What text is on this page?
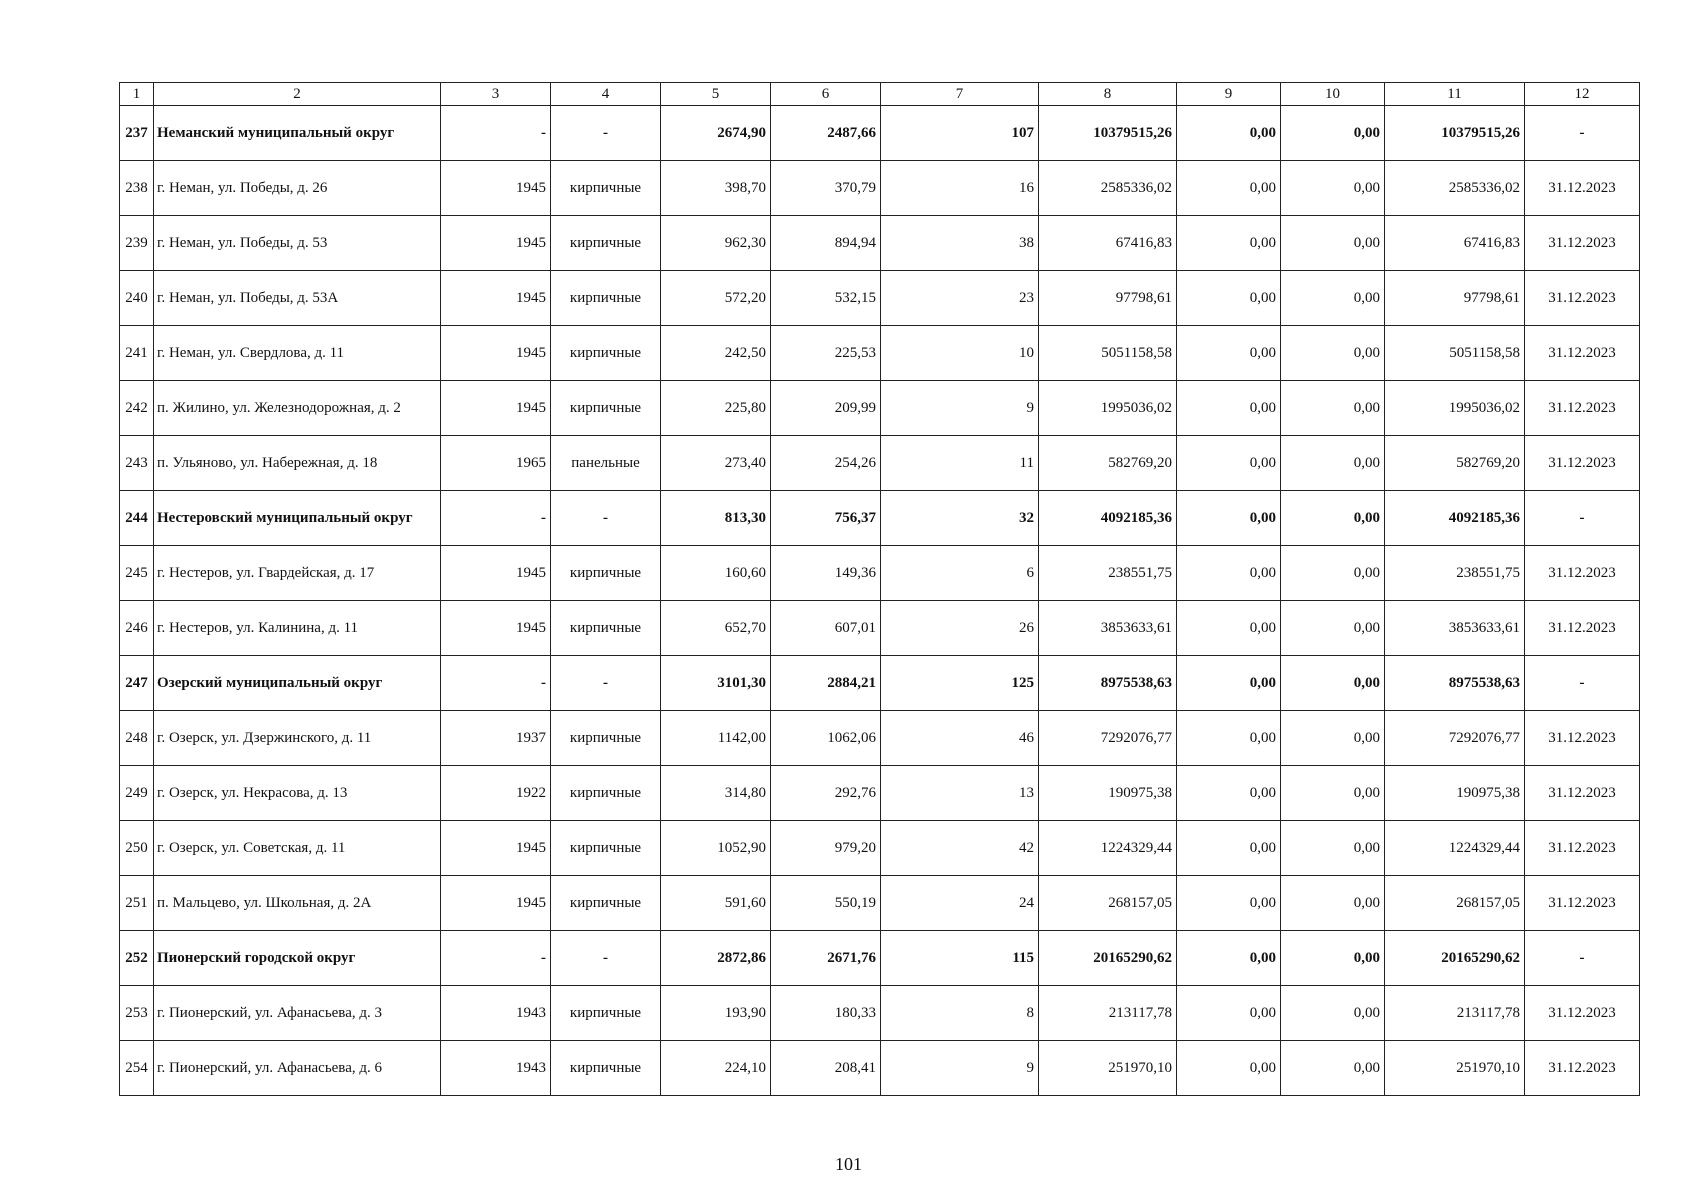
1	2	3	4	5	6	7	8	9	10	11	12
237	Неманский муниципальный округ	-	-	2674,90	2487,66	107	10379515,26	0,00	0,00	10379515,26	-
238	г. Неман, ул. Победы, д. 26	1945	кирпичные	398,70	370,79	16	2585336,02	0,00	0,00	2585336,02	31.12.2023
239	г. Неман, ул. Победы, д. 53	1945	кирпичные	962,30	894,94	38	67416,83	0,00	0,00	67416,83	31.12.2023
240	г. Неман, ул. Победы, д. 53А	1945	кирпичные	572,20	532,15	23	97798,61	0,00	0,00	97798,61	31.12.2023
241	г. Неман, ул. Свердлова, д. 11	1945	кирпичные	242,50	225,53	10	5051158,58	0,00	0,00	5051158,58	31.12.2023
242	п. Жилино, ул. Железнодорожная, д. 2	1945	кирпичные	225,80	209,99	9	1995036,02	0,00	0,00	1995036,02	31.12.2023
243	п. Ульяново, ул. Набережная, д. 18	1965	панельные	273,40	254,26	11	582769,20	0,00	0,00	582769,20	31.12.2023
244	Нестеровский муниципальный округ	-	-	813,30	756,37	32	4092185,36	0,00	0,00	4092185,36	-
245	г. Нестеров, ул. Гвардейская, д. 17	1945	кирпичные	160,60	149,36	6	238551,75	0,00	0,00	238551,75	31.12.2023
246	г. Нестеров, ул. Калинина, д. 11	1945	кирпичные	652,70	607,01	26	3853633,61	0,00	0,00	3853633,61	31.12.2023
247	Озерский муниципальный округ	-	-	3101,30	2884,21	125	8975538,63	0,00	0,00	8975538,63	-
248	г. Озерск, ул. Дзержинского, д. 11	1937	кирпичные	1142,00	1062,06	46	7292076,77	0,00	0,00	7292076,77	31.12.2023
249	г. Озерск, ул. Некрасова, д. 13	1922	кирпичные	314,80	292,76	13	190975,38	0,00	0,00	190975,38	31.12.2023
250	г. Озерск, ул. Советская, д. 11	1945	кирпичные	1052,90	979,20	42	1224329,44	0,00	0,00	1224329,44	31.12.2023
251	п. Мальцево, ул. Школьная, д. 2А	1945	кирпичные	591,60	550,19	24	268157,05	0,00	0,00	268157,05	31.12.2023
252	Пионерский городской округ	-	-	2872,86	2671,76	115	20165290,62	0,00	0,00	20165290,62	-
253	г. Пионерский, ул. Афанасьева, д. 3	1943	кирпичные	193,90	180,33	8	213117,78	0,00	0,00	213117,78	31.12.2023
254	г. Пионерский, ул. Афанасьева, д. 6	1943	кирпичные	224,10	208,41	9	251970,10	0,00	0,00	251970,10	31.12.2023
101
